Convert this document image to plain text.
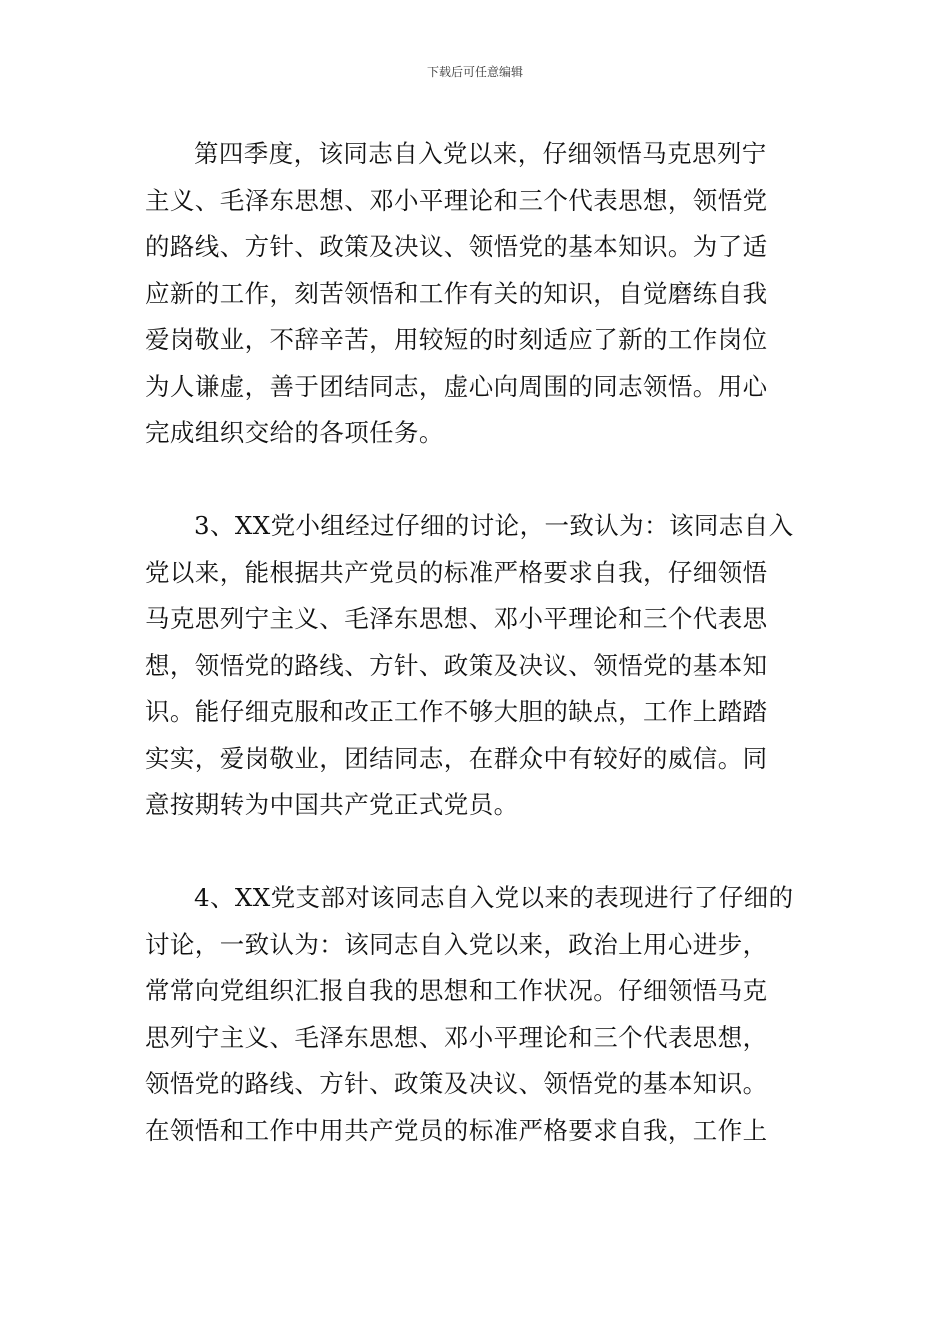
下载后可任意编辑

第四季度，该同志自入党以来，仔细领悟马克思列宁
主义、毛泽东思想、邓小平理论和三个代表思想，领悟党
的路线、方针、政策及决议、领悟党的基本知识。为了适
应新的工作，刻苦领悟和工作有关的知识，自觉磨练自我
爱岗敬业，不辞辛苦，用较短的时刻适应了新的工作岗位
为人谦虚，善于团结同志，虚心向周围的同志领悟。用心
完成组织交给的各项任务。

3、XX党小组经过仔细的讨论，一致认为：该同志自入
党以来，能根据共产党员的标准严格要求自我，仔细领悟
马克思列宁主义、毛泽东思想、邓小平理论和三个代表思
想，领悟党的路线、方针、政策及决议、领悟党的基本知
识。能仔细克服和改正工作不够大胆的缺点，工作上踏踏
实实，爱岗敬业，团结同志，在群众中有较好的威信。同
意按期转为中国共产党正式党员。

4、XX党支部对该同志自入党以来的表现进行了仔细的
讨论，一致认为：该同志自入党以来，政治上用心进步，
常常向党组织汇报自我的思想和工作状况。仔细领悟马克
思列宁主义、毛泽东思想、邓小平理论和三个代表思想，
领悟党的路线、方针、政策及决议、领悟党的基本知识。
在领悟和工作中用共产党员的标准严格要求自我，工作上
